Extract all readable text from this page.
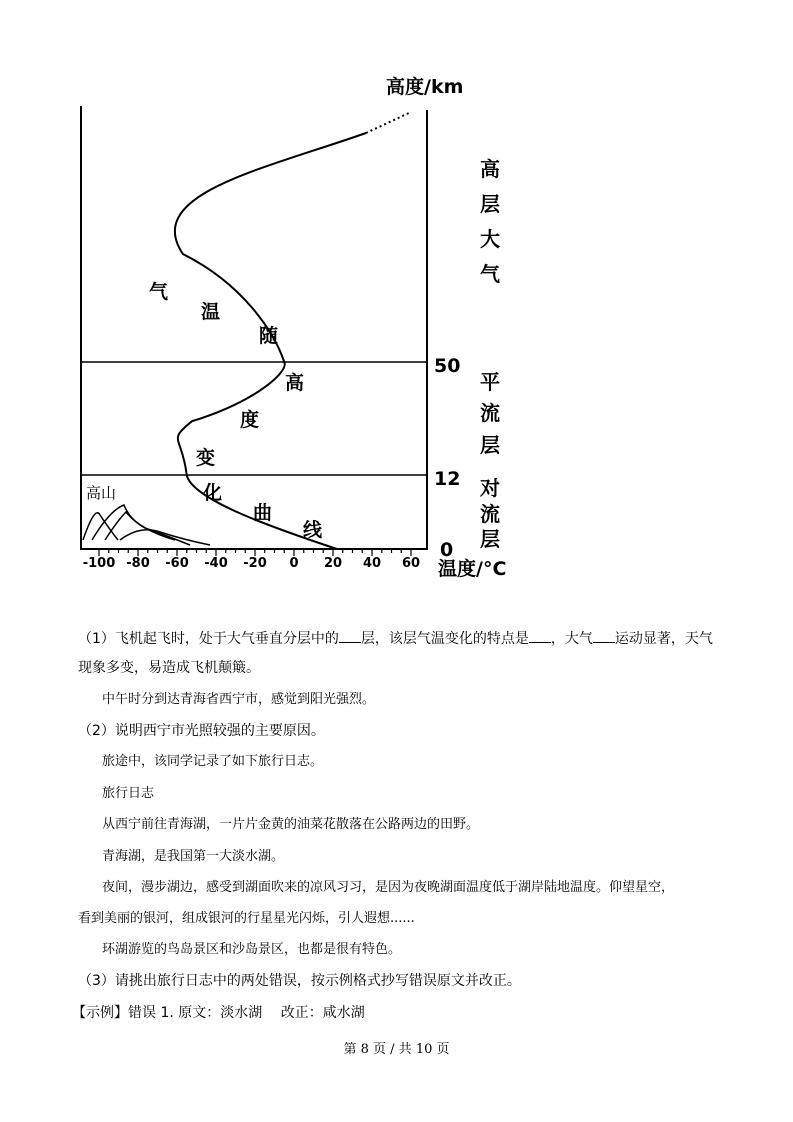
-100 -80 -60 -40 -20 0 20 40 60
高山
高度/km
温度/°C
50
12
0
高
层
大
气
平
流
层
对
流
层
气
温
随
高
度
变
化
曲
线
（1）飞机起飞时，处于大气垂直分层中的 层，该层气温变化的特点是 ，大气 运动显著，天气
现象多变，易造成飞机颠簸。
中午时分到达青海省西宁市，感觉到阳光强烈。
（2）说明西宁市光照较强的主要原因。
旅途中，该同学记录了如下旅行日志。
旅行日志
从西宁前往青海湖，一片片金黄的油菜花散落在公路两边的田野。
青海湖，是我国第一大淡水湖。
夜间，漫步湖边，感受到湖面吹来的凉风习习，是因为夜晚湖面温度低于湖岸陆地温度。仰望星空，
看到美丽的银河，组成银河的行星星光闪烁，引人遐想......
环湖游览的鸟岛景区和沙岛景区，也都是很有特色。
（3）请挑出旅行日志中的两处错误，按示例格式抄写错误原文并改正。
【示例】错误 1. 原文：淡水湖　 改正：咸水湖
第 8 页 / 共 10 页
